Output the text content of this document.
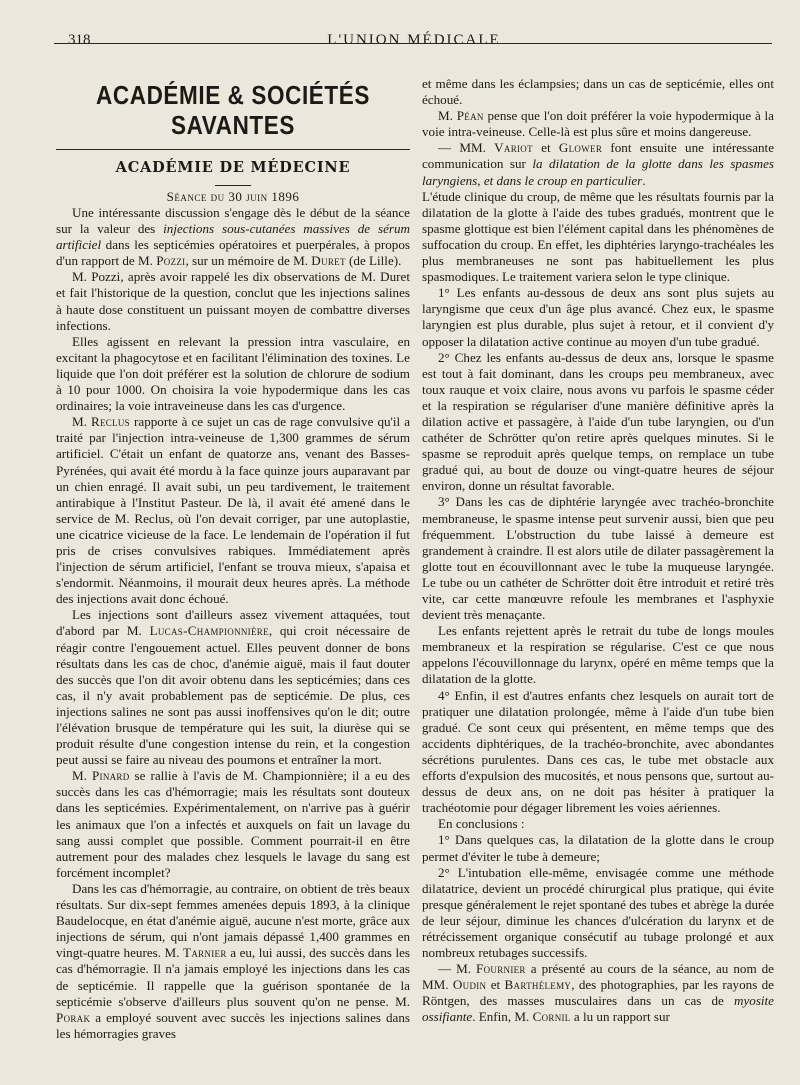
318	L'UNION MÉDICALE
ACADÉMIE & SOCIÉTÉS SAVANTES
ACADÉMIE DE MÉDECINE
Séance du 30 juin 1896

Une intéressante discussion s'engage dès le début de la séance sur la valeur des injections sous-cutanées massives de sérum artificiel dans les septicémies opératoires et puerpérales, à propos d'un rapport de M. Pozzi, sur un mémoire de M. Duret (de Lille).

M. Pozzi, après avoir rappelé les dix observations de M. Duret et fait l'historique de la question, conclut que les injections salines à haute dose constituent un puissant moyen de combattre diverses infections.

Elles agissent en relevant la pression intra vasculaire, en excitant la phagocytose et en facilitant l'élimination des toxines. Le liquide que l'on doit préférer est la solution de chlorure de sodium à 10 pour 1000. On choisira la voie hypodermique dans les cas ordinaires; la voie intraveineuse dans les cas d'urgence.

M. Reclus rapporte à ce sujet un cas de rage convulsive qu'il a traité par l'injection intra-veineuse de 1,300 grammes de sérum artificiel. C'était un enfant de quatorze ans, venant des Basses-Pyrénées, qui avait été mordu à la face quinze jours auparavant par un chien enragé. Il avait subi, un peu tardivement, le traitement antirabique à l'Institut Pasteur. De là, il avait été amené dans le service de M. Reclus, où l'on devait corriger, par une autoplastie, une cicatrice vicieuse de la face. Le lendemain de l'opération il fut pris de crises convulsives rabiques. Immédiatement après l'injection de sérum artificiel, l'enfant se trouva mieux, s'apaisa et s'endormit. Néanmoins, il mourait deux heures après. La méthode des injections avait donc échoué.

Les injections sont d'ailleurs assez vivement attaquées, tout d'abord par M. Lucas-Championnière, qui croit nécessaire de réagir contre l'engouement actuel. Elles peuvent donner de bons résultats dans les cas de choc, d'anémie aiguë, mais il faut douter des succès que l'on dit avoir obtenu dans les septicémies; dans ces cas, il n'y avait probablement pas de septicémie. De plus, ces injections salines ne sont pas aussi inoffensives qu'on le dit; outre l'élévation brusque de température qui les suit, la diurèse qui se produit résulte d'une congestion intense du rein, et la congestion peut aussi se faire au niveau des poumons et entraîner la mort.

M. Pinard se rallie à l'avis de M. Championnière; il a eu des succès dans les cas d'hémorragie; mais les résultats sont douteux dans les septicémies. Expérimentalement, on n'arrive pas à guérir les animaux que l'on a infectés et auxquels on fait un lavage du sang aussi complet que possible. Comment pourrait-il en être autrement pour des malades chez lesquels le lavage du sang est forcément incomplet?

Dans les cas d'hémorragie, au contraire, on obtient de très beaux résultats. Sur dix-sept femmes amenées depuis 1893, à la clinique Baudelocque, en état d'anémie aiguë, aucune n'est morte, grâce aux injections de sérum, qui n'ont jamais dépassé 1,400 grammes en vingt-quatre heures. M. Tarnier a eu, lui aussi, des succès dans les cas d'hémorragie. Il n'a jamais employé les injections dans les cas de septicémie. Il rappelle que la guérison spontanée de la septicémie s'observe d'ailleurs plus souvent qu'on ne pense. M. Porak a employé souvent avec succès les injections salines dans les hémorragies graves

et même dans les éclampsies; dans un cas de septicémie, elles ont échoué.

M. Péan pense que l'on doit préférer la voie hypodermique à la voie intra-veineuse. Celle-là est plus sûre et moins dangereuse.

— MM. Variot et Glower font ensuite une intéressante communication sur la dilatation de la glotte dans les spasmes laryngiens, et dans le croup en particulier.

L'étude clinique du croup, de même que les résultats fournis par la dilatation de la glotte à l'aide des tubes gradués, montrent que le spasme glottique est bien l'élément capital dans les phénomènes de suffocation du croup. En effet, les diphtéries laryngo-trachéales les plus membraneuses ne sont pas habituellement les plus spasmodiques. Le traitement variera selon le type clinique.

1° Les enfants au-dessous de deux ans sont plus sujets au laryngisme que ceux d'un âge plus avancé. Chez eux, le spasme laryngien est plus durable, plus sujet à retour, et il convient d'y opposer la dilatation active continue au moyen d'un tube gradué.

2° Chez les enfants au-dessus de deux ans, lorsque le spasme est tout à fait dominant, dans les croups peu membraneux, avec toux rauque et voix claire, nous avons vu parfois le spasme céder et la respiration se régulariser d'une manière définitive après la dilation active et passagère, à l'aide d'un tube laryngien, ou d'un cathéter de Schrötter qu'on retire après quelques minutes. Si le spasme se reproduit après quelque temps, on remplace un tube gradué qui, au bout de douze ou vingt-quatre heures de séjour environ, donne un résultat favorable.

3° Dans les cas de diphtérie laryngée avec trachéo-bronchite membraneuse, le spasme intense peut survenir aussi, bien que peu fréquemment. L'obstruction du tube laissé à demeure est grandement à craindre. Il est alors utile de dilater passagèrement la glotte tout en écouvillonnant avec le tube la muqueuse laryngée. Le tube ou un cathéter de Schrötter doit être introduit et retiré très vite, car cette manœuvre refoule les membranes et l'asphyxie devient très menaçante.

Les enfants rejettent après le retrait du tube de longs moules membraneux et la respiration se régularise. C'est ce que nous appelons l'écouvillonnage du larynx, opéré en même temps que la dilatation de la glotte.

4° Enfin, il est d'autres enfants chez lesquels on aurait tort de pratiquer une dilatation prolongée, même à l'aide d'un tube bien gradué. Ce sont ceux qui présentent, en même temps que des accidents diphtériques, de la trachéo-bronchite, avec abondantes sécrétions purulentes. Dans ces cas, le tube met obstacle aux efforts d'expulsion des mucosités, et nous pensons que, surtout au-dessus de deux ans, on ne doit pas hésiter à pratiquer la trachéotomie pour dégager librement les voies aériennes.

En conclusions :

1° Dans quelques cas, la dilatation de la glotte dans le croup permet d'éviter le tube à demeure;

2° L'intubation elle-même, envisagée comme une méthode dilatatrice, devient un procédé chirurgical plus pratique, qui évite presque généralement le rejet spontané des tubes et abrège la durée de leur séjour, diminue les chances d'ulcération du larynx et de rétrécissement organique consécutif au tubage prolongé et aux nombreux retubages successifs.

— M. Fournier a présenté au cours de la séance, au nom de MM. Oudin et Barthélemy, des photographies, par les rayons de Röntgen, des masses musculaires dans un cas de myosite ossifiante. Enfin, M. Cornil a lu un rapport sur
